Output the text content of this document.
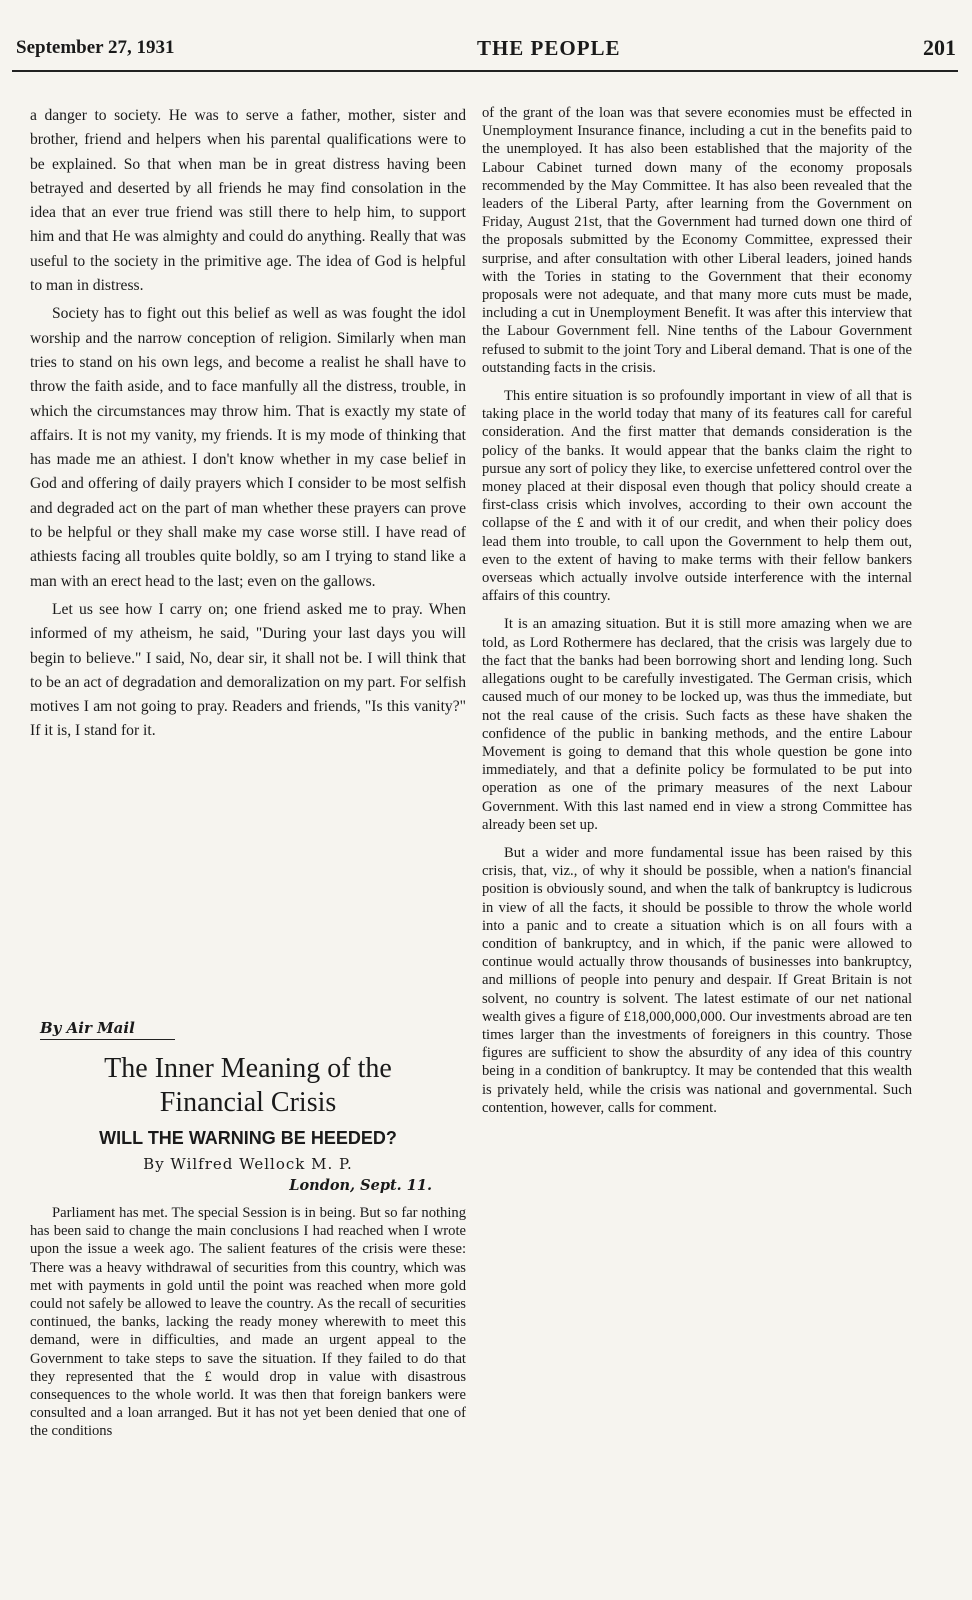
September 27, 1931	THE PEOPLE	201

a danger to society. He was to serve a father, mother, sister and brother, friend and helpers when his parental qualifications were to be explained. So that when man be in great distress having been betrayed and deserted by all friends he may find consolation in the idea that an ever true friend was still there to help him, to support him and that He was almighty and could do anything. Really that was useful to the society in the primitive age. The idea of God is helpful to man in distress.

Society has to fight out this belief as well as was fought the idol worship and the narrow conception of religion. Similarly when man tries to stand on his own legs, and become a realist he shall have to throw the faith aside, and to face manfully all the distress, trouble, in which the circumstances may throw him. That is exactly my state of affairs. It is not my vanity, my friends. It is my mode of thinking that has made me an athiest. I don't know whether in my case belief in God and offering of daily prayers which I consider to be most selfish and degraded act on the part of man whether these prayers can prove to be helpful or they shall make my case worse still. I have read of athiests facing all troubles quite boldly, so am I trying to stand like a man with an erect head to the last; even on the gallows.

Let us see how I carry on; one friend asked me to pray. When informed of my atheism, he said, "During your last days you will begin to believe." I said, No, dear sir, it shall not be. I will think that to be an act of degradation and demoralization on my part. For selfish motives I am not going to pray. Readers and friends, "Is this vanity?" If it is, I stand for it.

By Air Mail
The Inner Meaning of the
Financial Crisis
WILL THE WARNING BE HEEDED?
By Wilfred Wellock M. P.
London, Sept. 11.

Parliament has met. The special Session is in being. But so far nothing has been said to change the main conclusions I had reached when I wrote upon the issue a week ago. The salient features of the crisis were these: There was a heavy withdrawal of securities from this country, which was met with payments in gold until the point was reached when more gold could not safely be allowed to leave the country. As the recall of securities continued, the banks, lacking the ready money wherewith to meet this demand, were in difficulties, and made an urgent appeal to the Government to take steps to save the situation. If they failed to do that they represented that the £ would drop in value with disastrous consequences to the whole world. It was then that foreign bankers were consulted and a loan arranged. But it has not yet been denied that one of the conditions

of the grant of the loan was that severe economies must be effected in Unemployment Insurance finance, including a cut in the benefits paid to the unemployed. It has also been established that the majority of the Labour Cabinet turned down many of the economy proposals recommended by the May Committee. It has also been revealed that the leaders of the Liberal Party, after learning from the Government on Friday, August 21st, that the Government had turned down one third of the proposals submitted by the Economy Committee, expressed their surprise, and after consultation with other Liberal leaders, joined hands with the Tories in stating to the Government that their economy proposals were not adequate, and that many more cuts must be made, including a cut in Unemployment Benefit. It was after this interview that the Labour Government fell. Nine tenths of the Labour Government refused to submit to the joint Tory and Liberal demand. That is one of the outstanding facts in the crisis.

This entire situation is so profoundly important in view of all that is taking place in the world today that many of its features call for careful consideration. And the first matter that demands consideration is the policy of the banks. It would appear that the banks claim the right to pursue any sort of policy they like, to exercise unfettered control over the money placed at their disposal even though that policy should create a first-class crisis which involves, according to their own account the collapse of the £ and with it of our credit, and when their policy does lead them into trouble, to call upon the Government to help them out, even to the extent of having to make terms with their fellow bankers overseas which actually involve outside interference with the internal affairs of this country.

It is an amazing situation. But it is still more amazing when we are told, as Lord Rothermere has declared, that the crisis was largely due to the fact that the banks had been borrowing short and lending long. Such allegations ought to be carefully investigated. The German crisis, which caused much of our money to be locked up, was thus the immediate, but not the real cause of the crisis. Such facts as these have shaken the confidence of the public in banking methods, and the entire Labour Movement is going to demand that this whole question be gone into immediately, and that a definite policy be formulated to be put into operation as one of the primary measures of the next Labour Government. With this last named end in view a strong Committee has already been set up.

But a wider and more fundamental issue has been raised by this crisis, that, viz., of why it should be possible, when a nation's financial position is obviously sound, and when the talk of bankruptcy is ludicrous in view of all the facts, it should be possible to throw the whole world into a panic and to create a situation which is on all fours with a condition of bankruptcy, and in which, if the panic were allowed to continue would actually throw thousands of businesses into bankruptcy, and millions of people into penury and despair. If Great Britain is not solvent, no country is solvent. The latest estimate of our net national wealth gives a figure of £18,000,000,000. Our investments abroad are ten times larger than the investments of foreigners in this country. Those figures are sufficient to show the absurdity of any idea of this country being in a condition of bankruptcy. It may be contended that this wealth is privately held, while the crisis was national and governmental. Such contention, however, calls for comment.
